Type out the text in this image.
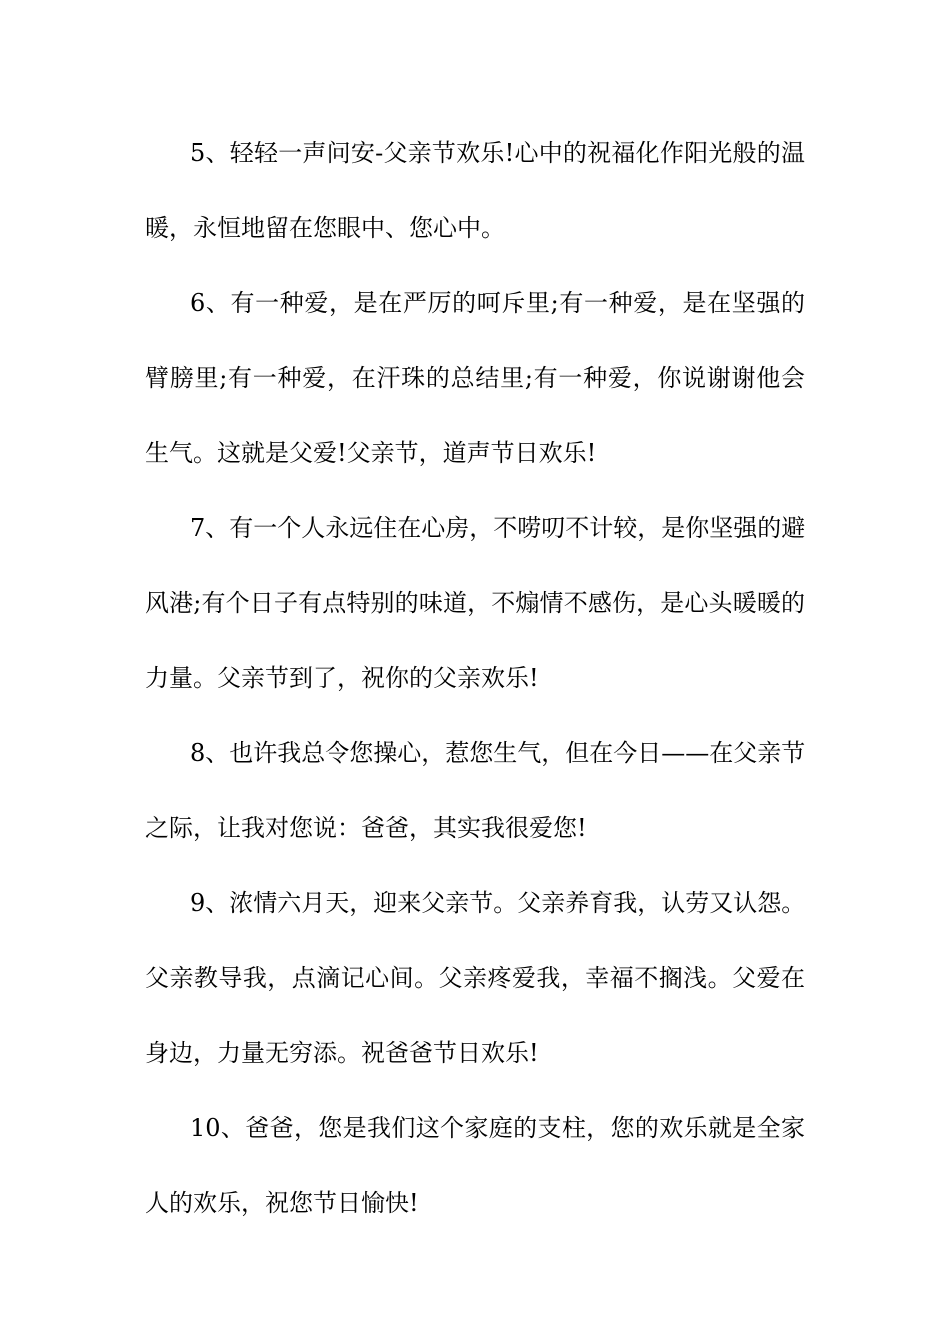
5、轻轻一声问安-父亲节欢乐!心中的祝福化作阳光般的温
暖，永恒地留在您眼中、您心中。
6、有一种爱，是在严厉的呵斥里;有一种爱，是在坚强的
臂膀里;有一种爱，在汗珠的总结里;有一种爱，你说谢谢他会
生气。这就是父爱!父亲节，道声节日欢乐!
7、有一个人永远住在心房，不唠叨不计较，是你坚强的避
风港;有个日子有点特别的味道，不煽情不感伤，是心头暖暖的
力量。父亲节到了，祝你的父亲欢乐!
8、也许我总令您操心，惹您生气，但在今日——在父亲节
之际，让我对您说：爸爸，其实我很爱您!
9、浓情六月天，迎来父亲节。父亲养育我，认劳又认怨。
父亲教导我，点滴记心间。父亲疼爱我，幸福不搁浅。父爱在
身边，力量无穷添。祝爸爸节日欢乐!
10、爸爸，您是我们这个家庭的支柱，您的欢乐就是全家
人的欢乐，祝您节日愉快!
